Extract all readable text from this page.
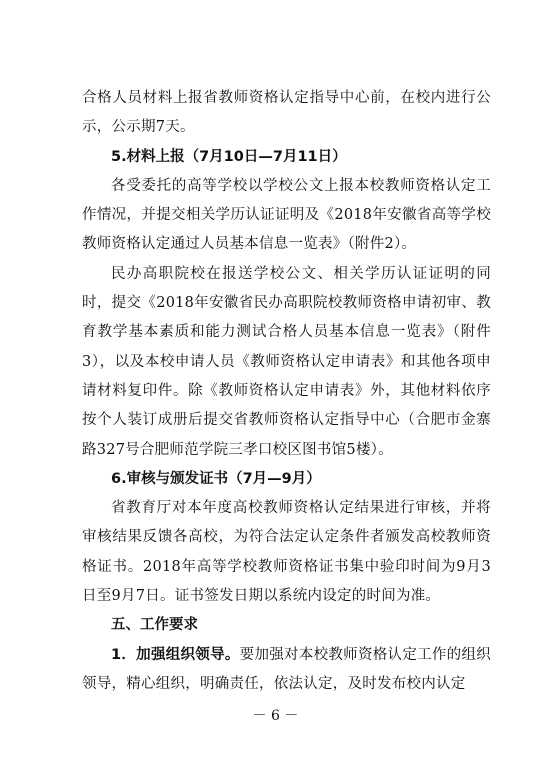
合格人员材料上报省教师资格认定指导中心前，在校内进行公示，公示期7天。

5.材料上报（7月10日—7月11日）

各受委托的高等学校以学校公文上报本校教师资格认定工作情况，并提交相关学历认证证明及《2018年安徽省高等学校教师资格认定通过人员基本信息一览表》（附件2）。

民办高职院校在报送学校公文、相关学历认证证明的同时，提交《2018年安徽省民办高职院校教师资格申请初审、教育教学基本素质和能力测试合格人员基本信息一览表》（附件3），以及本校申请人员《教师资格认定申请表》和其他各项申请材料复印件。除《教师资格认定申请表》外，其他材料依序按个人装订成册后提交省教师资格认定指导中心（合肥市金寨路327号合肥师范学院三孝口校区图书馆5楼）。

6.审核与颁发证书（7月—9月）

省教育厅对本年度高校教师资格认定结果进行审核，并将审核结果反馈各高校，为符合法定认定条件者颁发高校教师资格证书。2018年高等学校教师资格证书集中验印时间为9月3日至9月7日。证书签发日期以系统内设定的时间为准。

五、工作要求

1．加强组织领导。要加强对本校教师资格认定工作的组织领导，精心组织，明确责任，依法认定，及时发布校内认定

－ 6 －
